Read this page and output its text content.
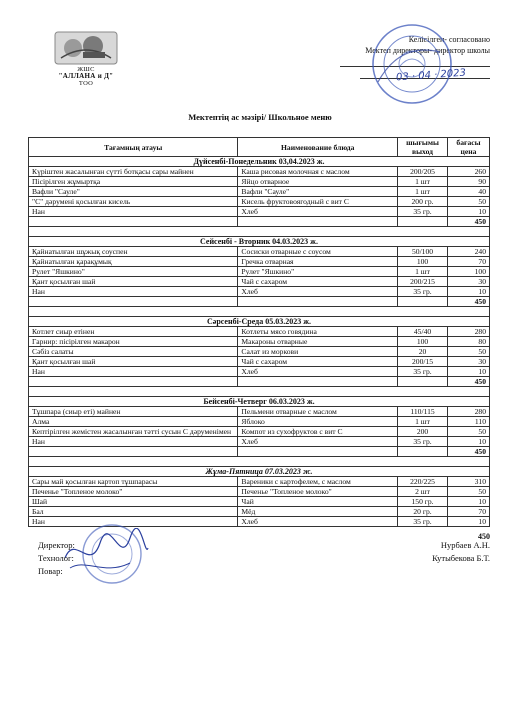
ЖШС
"АЛЛАНА и Д"
ТОО
Келісілген- согласовано
Мектеп директоры- директор школы
03 · 04 · 2023
Мектептің ас мәзірі/ Школьное меню
Тағамның атауы	Наименование блюда	шығымы выход	бағасы цена
Дүйсенбі-Понедельник 03,04.2023 ж.			
Күріштен жасалынған сүтті ботқасы сары майнен	Каша рисовая молочная с маслом	200/205	260
Пісірілген жұмыртқа	Яйцо отварное	1 шт	90
Вафли "Сауле"	Вафли "Сауле"	1 шт	40
"С" дәрумені қосылған кисель	Кисель фруктовоягодный с вит С	200 гр.	50
Нан	Хлеб	35 гр.	10
			450

Сейсенбі - Вторник 04.03.2023 ж.			
Қайнатылған шұжық соуспен	Сосиски отварные с соусом	50/100	240
Қайнатылған қарақұмық	Гречка отварная	100	70
Рулет "Яшкино"	Рулет "Яшкино"	1 шт	100
Қант қосылған шай	Чай с сахаром	200/215	30
Нан	Хлеб	35 гр.	10
			450

Сәрсенбі-Среда 05.03.2023 ж.			
Котлет сиыр етінен	Котлеты мясо говядина	45/40	280
Гарнир: пісірілген макарон	Макароны отварные	100	80
Сәбіз салаты	Салат из моркови	20	50
Қант қосылған шай	Чай с сахаром	200/15	30
Нан	Хлеб	35 гр.	10
			450

Бейсенбі-Четверг 06.03.2023 ж.			
Тұшпара (сиыр еті) майнен	Пельмени отварные с маслом	110/115	280
Алма	Яблоко	1 шт	110
Кептірілген жемістен жасалынған тәтті сусын С дәруменімен	Компот из сухофруктов с вит С	200	50
Нан	Хлеб	35 гр.	10
			450

Жұма-Пятница 07.03.2023 ж.			
Сары май қосылған картоп тұшпарасы	Вареники с картофелем, с маслом	220/225	310
Печенье "Топленое молоко"	Печенье "Топленое молоко"	2 шт	50
Шай	Чай	150 гр.	10
Бал	Мёд	20 гр.	70
Нан	Хлеб	35 гр.	10
450
Директор:	Нурбаев А.Н.
Технолог:	Кутыбекова Б.Т.
Повар:
